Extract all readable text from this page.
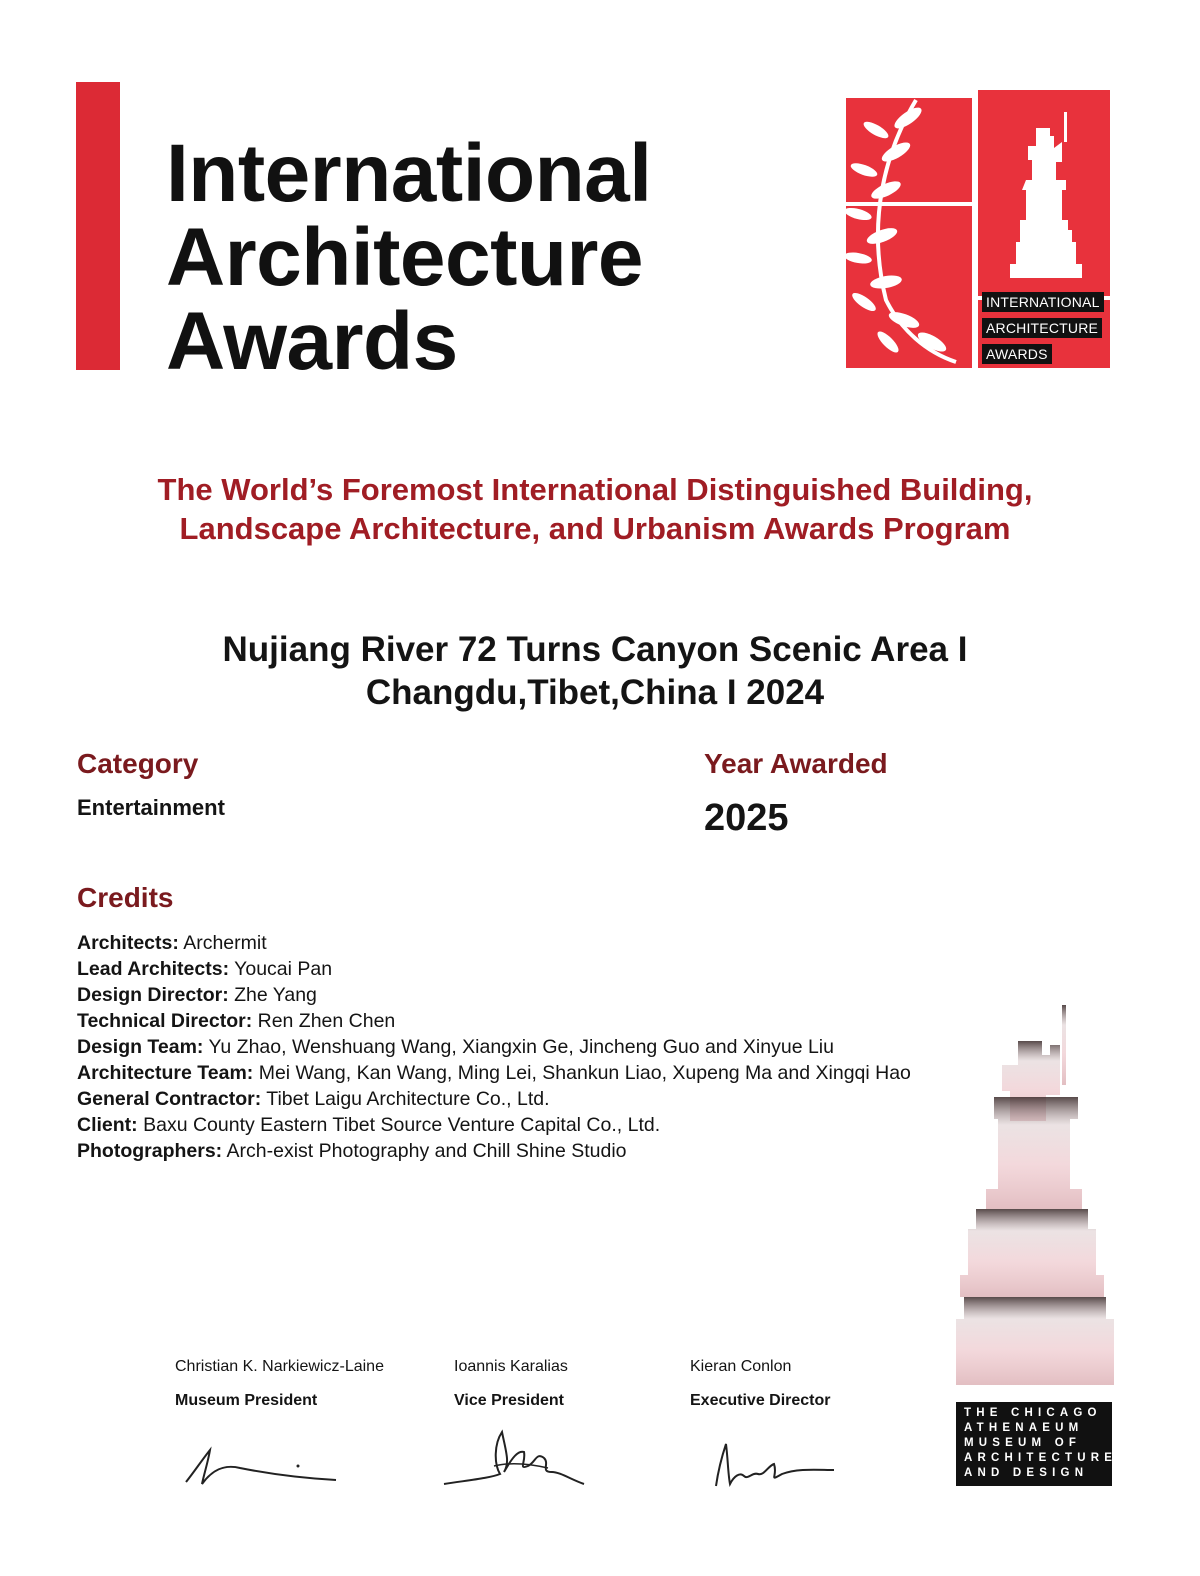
International
Architecture
Awards	INTERNATIONAL
ARCHITECTURE
AWARDS
The World’s Foremost International Distinguished Building,
Landscape Architecture, and Urbanism Awards Program
Nujiang River 72 Turns Canyon Scenic Area I
Changdu,Tibet,China I 2024
Category
Entertainment
Year Awarded
2025
Credits
Architects: Archermit
Lead Architects: Youcai Pan
Design Director: Zhe Yang
Technical Director: Ren Zhen Chen
Design Team: Yu Zhao, Wenshuang Wang, Xiangxin Ge, Jincheng Guo and Xinyue Liu
Architecture Team: Mei Wang, Kan Wang, Ming Lei, Shankun Liao, Xupeng Ma and Xingqi Hao
General Contractor: Tibet Laigu Architecture Co., Ltd.
Client: Baxu County Eastern Tibet Source Venture Capital Co., Ltd.
Photographers: Arch-exist Photography and Chill Shine Studio
Christian K. Narkiewicz-Laine
Museum President
Ioannis Karalias
Vice President
Kieran Conlon
Executive Director
THE CHICAGO
ATHENAEUM
MUSEUM OF
ARCHITECTURE
AND DESIGN
